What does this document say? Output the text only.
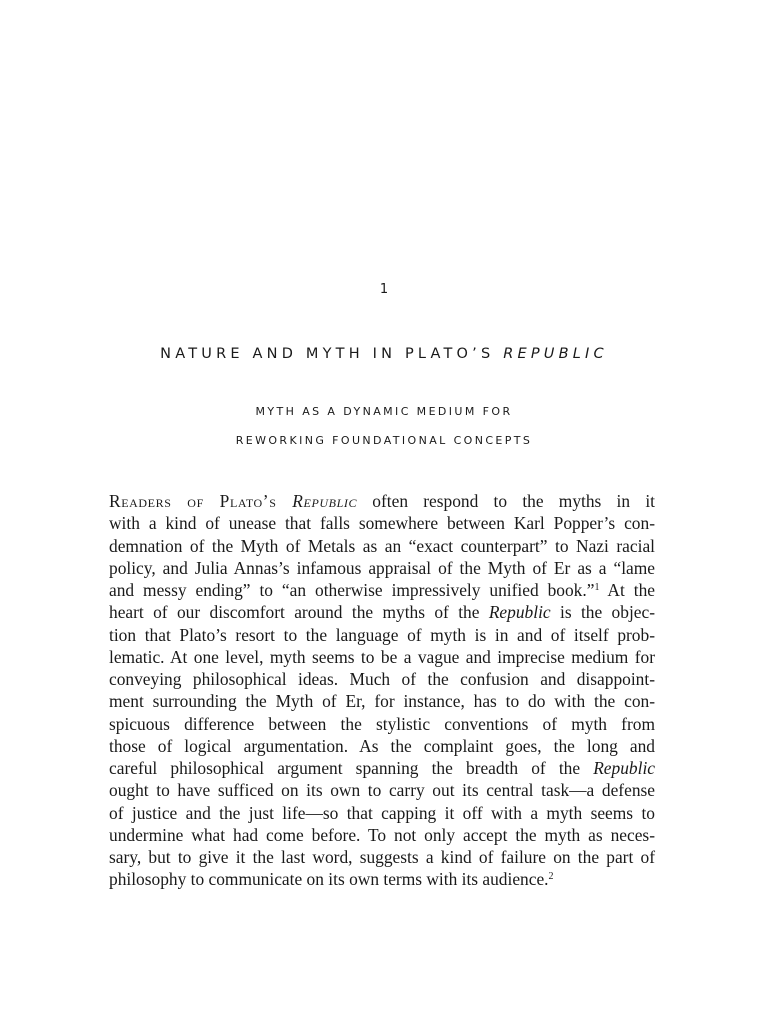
1
NATURE AND MYTH IN PLATO’S REPUBLIC
MYTH AS A DYNAMIC MEDIUM FOR
REWORKING FOUNDATIONAL CONCEPTS
Readers of Plato’s Republic often respond to the myths in it
with a kind of unease that falls somewhere between Karl Popper’s con-
demnation of the Myth of Metals as an “exact counterpart” to Nazi racial
policy, and Julia Annas’s infamous appraisal of the Myth of Er as a “lame
and messy ending” to “an otherwise impressively unified book.”$^1$ At the
heart of our discomfort around the myths of the Republic is the objec-
tion that Plato’s resort to the language of myth is in and of itself prob-
lematic. At one level, myth seems to be a vague and imprecise medium for
conveying philosophical ideas. Much of the confusion and disappoint-
ment surrounding the Myth of Er, for instance, has to do with the con-
spicuous difference between the stylistic conventions of myth from
those of logical argumentation. As the complaint goes, the long and
careful philosophical argument spanning the breadth of the Republic
ought to have sufficed on its own to carry out its central task—a defense
of justice and the just life—so that capping it off with a myth seems to
undermine what had come before. To not only accept the myth as neces-
sary, but to give it the last word, suggests a kind of failure on the part of
philosophy to communicate on its own terms with its audience.$^2$
